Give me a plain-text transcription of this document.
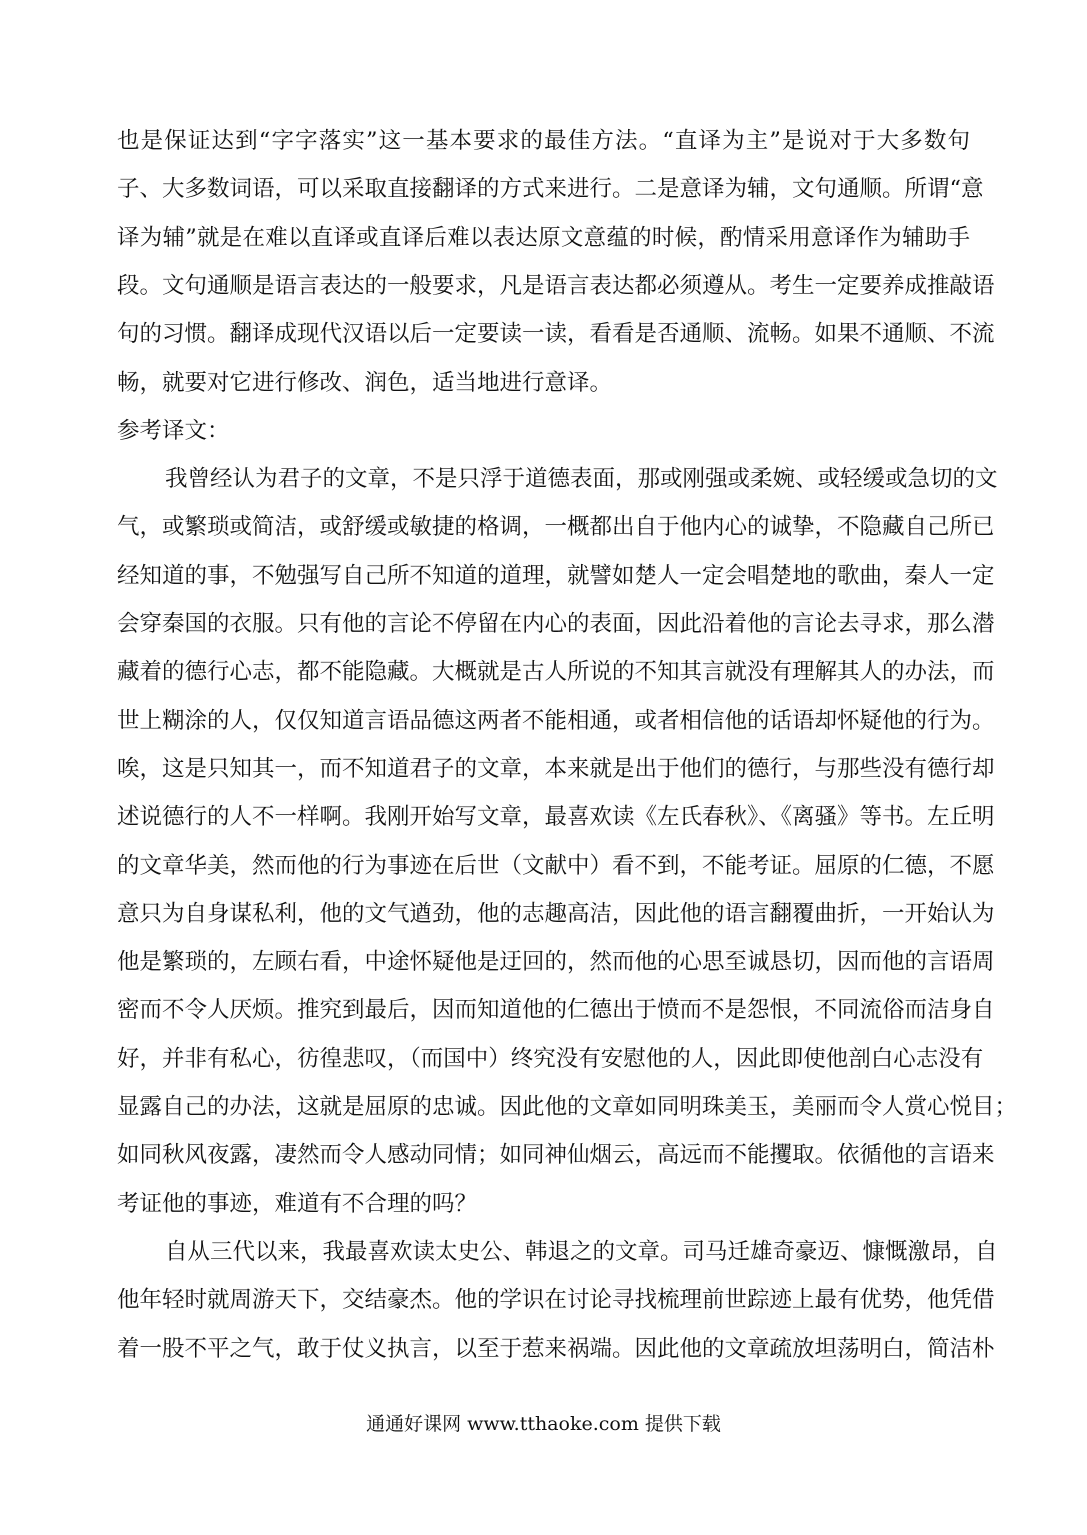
也是保证达到“字字落实”这一基本要求的最佳方法。“直译为主”是说对于大多数句
子、大多数词语，可以采取直接翻译的方式来进行。二是意译为辅，文句通顺。所谓“意
译为辅”就是在难以直译或直译后难以表达原文意蕴的时候，酌情采用意译作为辅助手
段。文句通顺是语言表达的一般要求，凡是语言表达都必须遵从。考生一定要养成推敲语
句的习惯。翻译成现代汉语以后一定要读一读，看看是否通顺、流畅。如果不通顺、不流
畅，就要对它进行修改、润色，适当地进行意译。
参考译文：
我曾经认为君子的文章，不是只浮于道德表面，那或刚强或柔婉、或轻缓或急切的文
气，或繁琐或简洁，或舒缓或敏捷的格调，一概都出自于他内心的诚挚，不隐藏自己所已
经知道的事，不勉强写自己所不知道的道理，就譬如楚人一定会唱楚地的歌曲，秦人一定
会穿秦国的衣服。只有他的言论不停留在内心的表面，因此沿着他的言论去寻求，那么潜
藏着的德行心志，都不能隐藏。大概就是古人所说的不知其言就没有理解其人的办法，而
世上糊涂的人，仅仅知道言语品德这两者不能相通，或者相信他的话语却怀疑他的行为。
唉，这是只知其一，而不知道君子的文章，本来就是出于他们的德行，与那些没有德行却
述说德行的人不一样啊。我刚开始写文章，最喜欢读《左氏春秋》、《离骚》等书。左丘明
的文章华美，然而他的行为事迹在后世（文献中）看不到，不能考证。屈原的仁德，不愿
意只为自身谋私利，他的文气遒劲，他的志趣高洁，因此他的语言翻覆曲折，一开始认为
他是繁琐的，左顾右看，中途怀疑他是迂回的，然而他的心思至诚恳切，因而他的言语周
密而不令人厌烦。推究到最后，因而知道他的仁德出于愤而不是怨恨，不同流俗而洁身自
好，并非有私心，彷徨悲叹，（而国中）终究没有安慰他的人，因此即使他剖白心志没有
显露自己的办法，这就是屈原的忠诚。因此他的文章如同明珠美玉，美丽而令人赏心悦目；
如同秋风夜露，凄然而令人感动同情；如同神仙烟云，高远而不能攫取。依循他的言语来
考证他的事迹，难道有不合理的吗？
自从三代以来，我最喜欢读太史公、韩退之的文章。司马迁雄奇豪迈、慷慨激昂，自
他年轻时就周游天下，交结豪杰。他的学识在讨论寻找梳理前世踪迹上最有优势，他凭借
着一股不平之气，敢于仗义执言，以至于惹来祸端。因此他的文章疏放坦荡明白，简洁朴
通通好课网 www.tthaoke.com 提供下载
